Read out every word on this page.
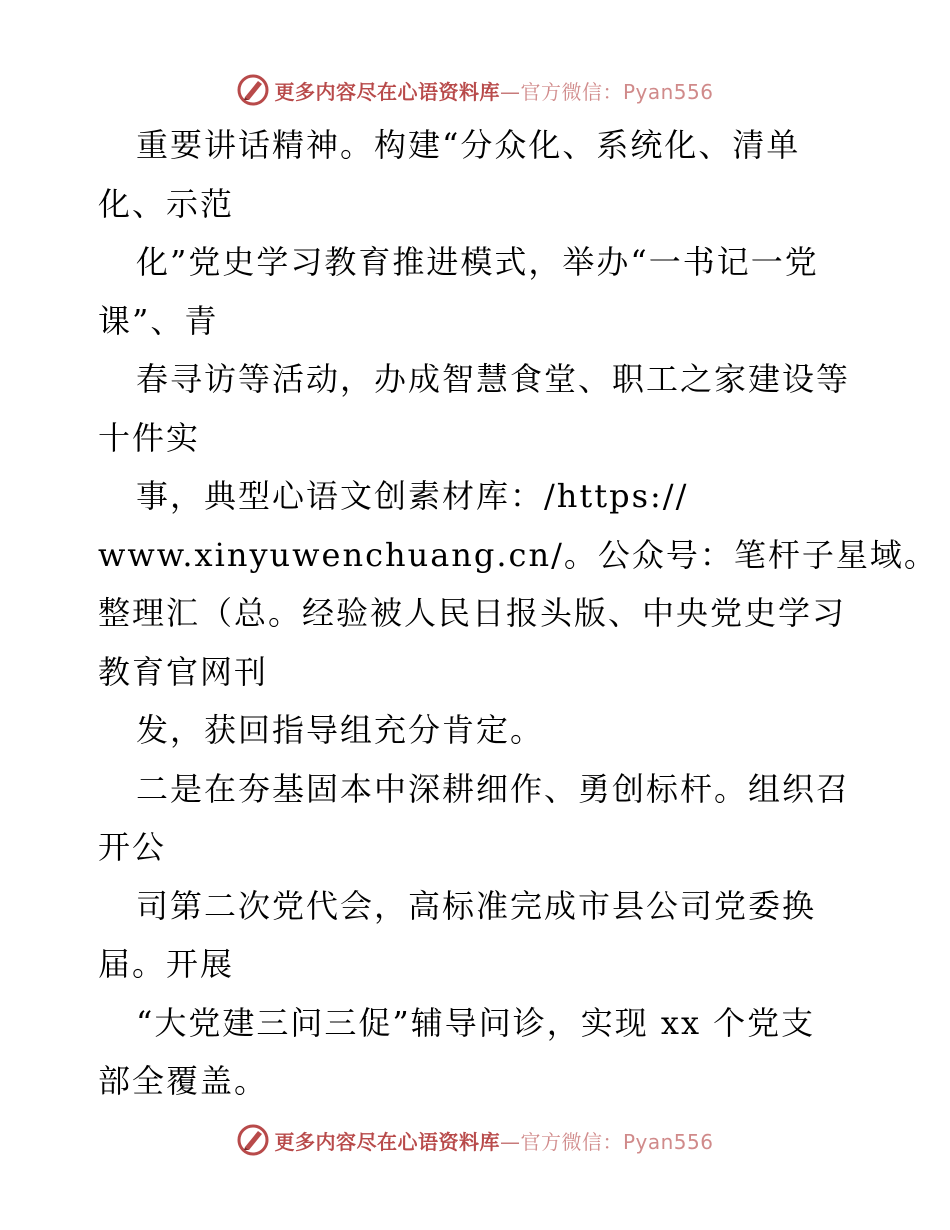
更多内容尽在心语资料库—官方微信：Pyan556
重要讲话精神。构建“分众化、系统化、清单
化、示范
化”党史学习教育推进模式，举办“一书记一党
课”、青
春寻访等活动，办成智慧食堂、职工之家建设等
十件实
事，典型心语文创素材库：/https://
www.xinyuwenchuang.cn/。公众号：笔杆子星域。
整理汇（总。经验被人民日报头版、中央党史学习
教育官网刊
发，获回指导组充分肯定。
二是在夯基固本中深耕细作、勇创标杆。组织召
开公
司第二次党代会，高标准完成市县公司党委换
届。开展
“大党建三问三促”辅导问诊，实现 xx 个党支
部全覆盖。
更多内容尽在心语资料库—官方微信：Pyan556
